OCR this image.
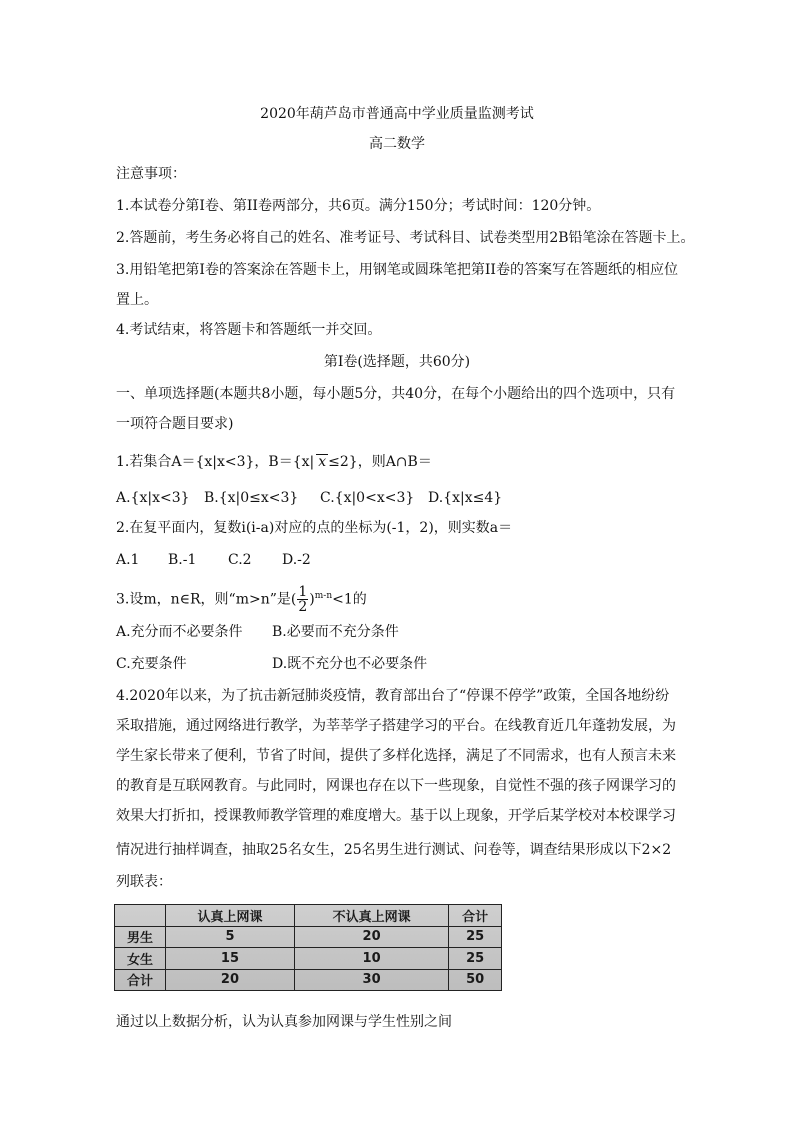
2020年葫芦岛市普通高中学业质量监测考试
高二数学
注意事项：
1.本试卷分第I卷、第II卷两部分，共6页。满分150分；考试时间：120分钟。
2.答题前，考生务必将自己的姓名、准考证号、考试科目、试卷类型用2B铅笔涂在答题卡上。
3.用铅笔把第I卷的答案涂在答题卡上，用钢笔或圆珠笔把第II卷的答案写在答题纸的相应位
置上。
4.考试结束，将答题卡和答题纸一并交回。
第I卷(选择题，共60分)
一、单项选择题(本题共8小题，每小题5分，共40分，在每个小题给出的四个选项中，只有
一项符合题目要求)
1.若集合A＝{x|x<3}，B＝{x| x ≤2}，则A∩B＝
A.{x|x<3} B.{x|0≤x<3} C.{x|0<x<3} D.{x|x≤4}
2.在复平面内，复数i(i-a)对应的点的坐标为(-1，2)，则实数a＝
A.1 B.-1 C.2 D.-2
3.设m，n∈R，则“m>n”是( $\frac{1}{2} )^{m-n}<1$的
A.充分而不必要条件 B.必要而不充分条件
C.充要条件	D.既不充分也不必要条件
4.2020年以来，为了抗击新冠肺炎疫情，教育部出台了“停课不停学”政策，全国各地纷纷
采取措施，通过网络进行教学，为莘莘学子搭建学习的平台。在线教育近几年蓬勃发展，为
学生家长带来了便利，节省了时间，提供了多样化选择，满足了不同需求，也有人预言未来
的教育是互联网教育。与此同时，网课也存在以下一些现象，自觉性不强的孩子网课学习的
效果大打折扣，授课教师教学管理的难度增大。基于以上现象，开学后某学校对本校课学习
情况进行抽样调查，抽取25名女生，25名男生进行测试、问卷等，调查结果形成以下2×2
列联表：
	认真上网课	不认真上网课	合计
男生	5	20	25
女生	15	10	25
合计	20	30	50
通过以上数据分析，认为认真参加网课与学生性别之间
